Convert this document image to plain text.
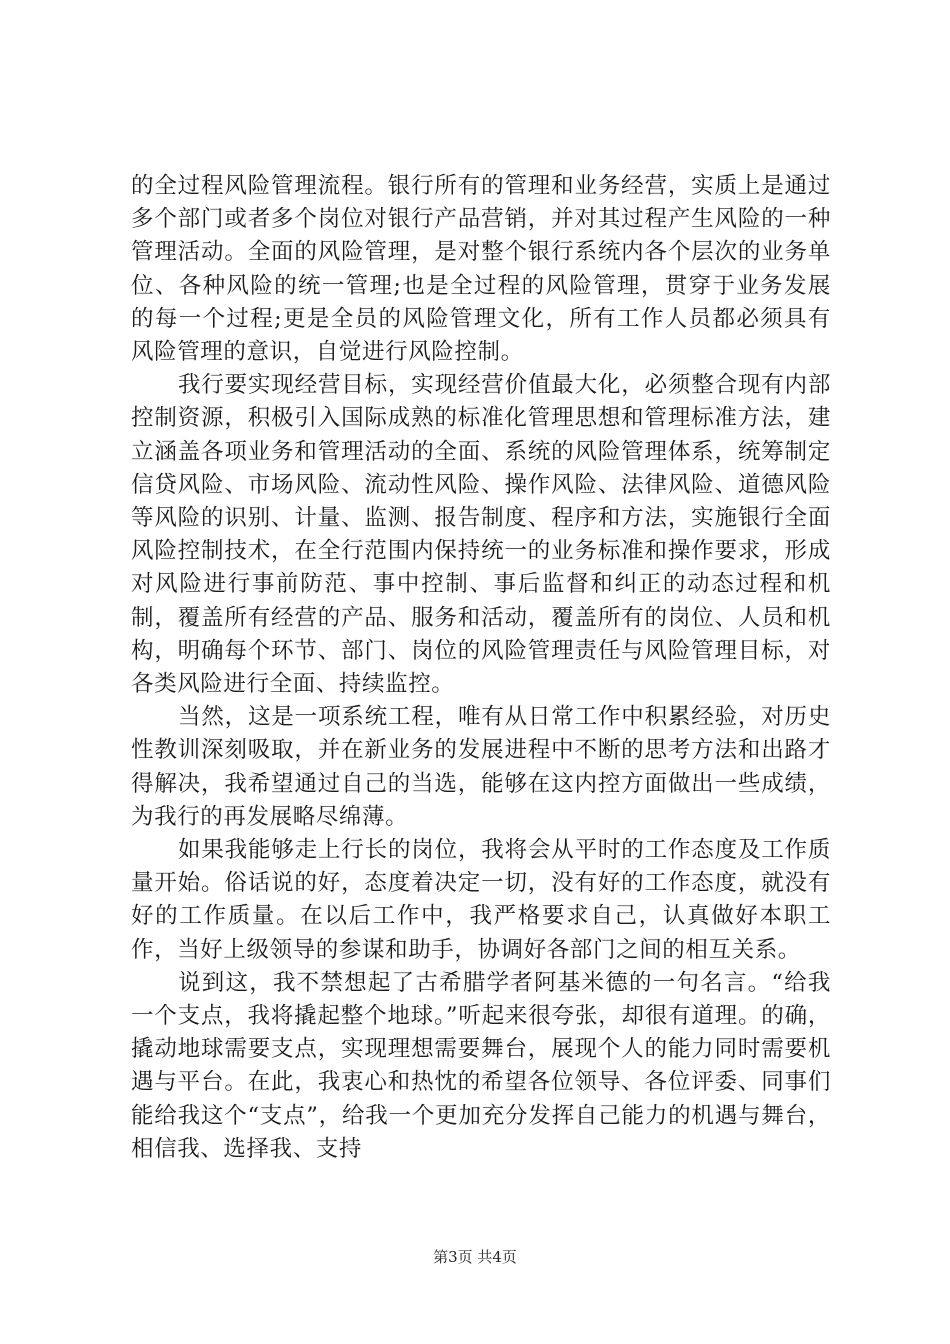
的全过程风险管理流程。银行所有的管理和业务经营，实质上是通过多个部门或者多个岗位对银行产品营销，并对其过程产生风险的一种管理活动。全面的风险管理，是对整个银行系统内各个层次的业务单位、各种风险的统一管理;也是全过程的风险管理，贯穿于业务发展的每一个过程;更是全员的风险管理文化，所有工作人员都必须具有风险管理的意识，自觉进行风险控制。

我行要实现经营目标，实现经营价值最大化，必须整合现有内部控制资源，积极引入国际成熟的标准化管理思想和管理标准方法，建立涵盖各项业务和管理活动的全面、系统的风险管理体系，统筹制定信贷风险、市场风险、流动性风险、操作风险、法律风险、道德风险等风险的识别、计量、监测、报告制度、程序和方法，实施银行全面风险控制技术，在全行范围内保持统一的业务标准和操作要求，形成对风险进行事前防范、事中控制、事后监督和纠正的动态过程和机制，覆盖所有经营的产品、服务和活动，覆盖所有的岗位、人员和机构，明确每个环节、部门、岗位的风险管理责任与风险管理目标，对各类风险进行全面、持续监控。

当然，这是一项系统工程，唯有从日常工作中积累经验，对历史性教训深刻吸取，并在新业务的发展进程中不断的思考方法和出路才得解决，我希望通过自己的当选，能够在这内控方面做出一些成绩，为我行的再发展略尽绵薄。

如果我能够走上行长的岗位，我将会从平时的工作态度及工作质量开始。俗话说的好，态度着决定一切，没有好的工作态度，就没有好的工作质量。在以后工作中，我严格要求自己，认真做好本职工作，当好上级领导的参谋和助手，协调好各部门之间的相互关系。

说到这，我不禁想起了古希腊学者阿基米德的一句名言。“给我一个支点，我将撬起整个地球。”听起来很夸张，却很有道理。的确，撬动地球需要支点，实现理想需要舞台，展现个人的能力同时需要机遇与平台。在此，我衷心和热忱的希望各位领导、各位评委、同事们能给我这个“支点”，给我一个更加充分发挥自己能力的机遇与舞台，相信我、选择我、支持

第3页 共4页
